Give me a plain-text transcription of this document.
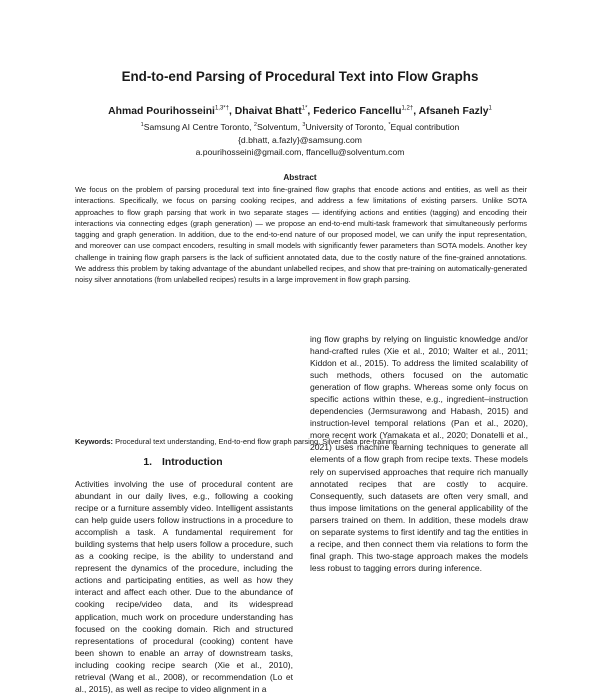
End-to-end Parsing of Procedural Text into Flow Graphs
Ahmad Pourihosseini$^{1,3*\dagger}$, Dhaivat Bhatt$^{1*}$, Federico Fancellu$^{1,2\dagger}$, Afsaneh Fazly$^1$
$^1$Samsung AI Centre Toronto, $^2$Solventum, $^3$University of Toronto, *Equal contribution
{d.bhatt, a.fazly}@samsung.com
a.pourihosseini@gmail.com, ffancellu@solventum.com
Abstract

We focus on the problem of parsing procedural text into fine-grained flow graphs that encode actions and entities, as well as their interactions. Specifically, we focus on parsing cooking recipes, and address a few limitations of existing parsers. Unlike SOTA approaches to flow graph parsing that work in two separate stages — identifying actions and entities (tagging) and encoding their interactions via connecting edges (graph generation) — we propose an end-to-end multi-task framework that simultaneously performs tagging and graph generation. In addition, due to the end-to-end nature of our proposed model, we can unify the input representation, and moreover can use compact encoders, resulting in small models with significantly fewer parameters than SOTA models. Another key challenge in training flow graph parsers is the lack of sufficient annotated data, due to the costly nature of the fine-grained annotations. We address this problem by taking advantage of the abundant unlabelled recipes, and show that pre-training on automatically-generated noisy silver annotations (from unlabelled recipes) results in a large improvement in flow graph parsing.

Keywords: Procedural text understanding, End-to-end flow graph parsing, Silver data pre-training
1. Introduction

Activities involving the use of procedural content are abundant in our daily lives, e.g., following a cooking recipe or a furniture assembly video. Intelligent assistants can help guide users follow instructions in a procedure to accomplish a task. A fundamental requirement for building systems that help users follow a procedure, such as a cooking recipe, is the ability to understand and represent the dynamics of the procedure, including the actions and participating entities, as well as how they interact and affect each other. Due to the abundance of cooking recipe/video data, and its widespread application, much work on procedure understanding has focused on the cooking domain. Rich and structured representations of procedural (cooking) content have been shown to enable an array of downstream tasks, including cooking recipe search (Xie et al., 2010), retrieval (Wang et al., 2008), or recommendation (Lo et al., 2015), as well as recipe to video alignment in a

ing flow graphs by relying on linguistic knowledge and/or hand-crafted rules (Xie et al., 2010; Walter et al., 2011; Kiddon et al., 2015). To address the limited scalability of such methods, others focused on the automatic generation of flow graphs. Whereas some only focus on specific actions within these, e.g., ingredient–instruction dependencies (Jermsurawong and Habash, 2015) and instruction-level temporal relations (Pan et al., 2020), more recent work (Yamakata et al., 2020; Donatelli et al., 2021) uses machine learning techniques to generate all elements of a flow graph from recipe texts. These models rely on supervised approaches that require rich manually annotated recipes that are costly to acquire. Consequently, such datasets are often very small, and thus impose limitations on the general applicability of the parsers trained on them. In addition, these models draw on separate systems to first identify and tag the entities in a recipe, and then connect them via relations to form the final graph. This two-stage approach makes the models less robust to tagging errors during inference.
